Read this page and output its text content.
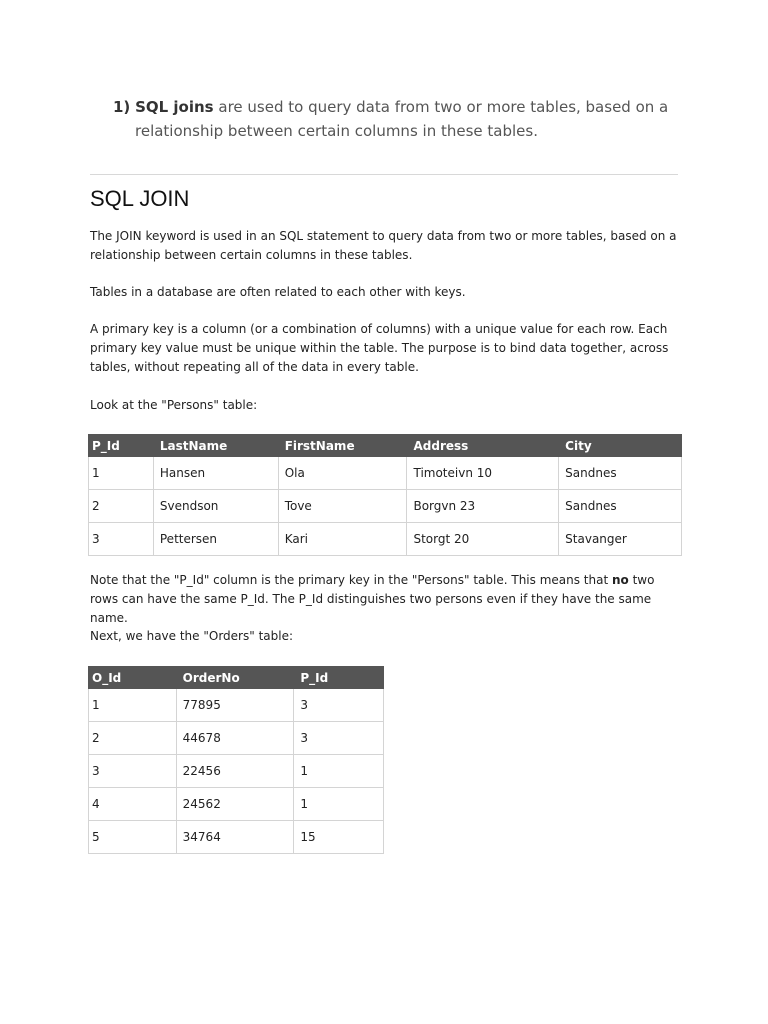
1) SQL joins are used to query data from two or more tables, based on a
relationship between certain columns in these tables.
SQL JOIN

The JOIN keyword is used in an SQL statement to query data from two or more tables, based on a relationship between certain columns in these tables.

Tables in a database are often related to each other with keys.

A primary key is a column (or a combination of columns) with a unique value for each row. Each primary key value must be unique within the table. The purpose is to bind data together, across tables, without repeating all of the data in every table.

Look at the "Persons" table:

P_Id	LastName	FirstName	Address	City
1	Hansen	Ola	Timoteivn 10	Sandnes
2	Svendson	Tove	Borgvn 23	Sandnes
3	Pettersen	Kari	Storgt 20	Stavanger

Note that the "P_Id" column is the primary key in the "Persons" table. This means that no two rows can have the same P_Id. The P_Id distinguishes two persons even if they have the same name.

Next, we have the "Orders" table:

O_Id	OrderNo	P_Id
1	77895	3
2	44678	3
3	22456	1
4	24562	1
5	34764	15
